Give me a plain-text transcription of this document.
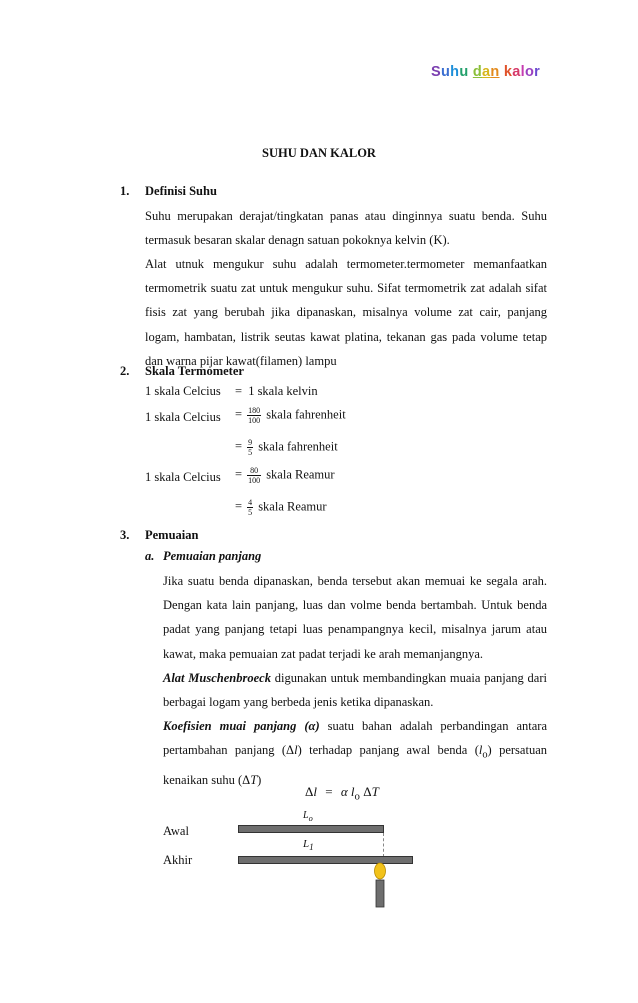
Suhu dan kalor
SUHU DAN KALOR
1. Definisi Suhu
Suhu merupakan derajat/tingkatan panas atau dinginnya suatu benda. Suhu termasuk besaran skalar denagn satuan pokoknya kelvin (K).
Alat utnuk mengukur suhu adalah termometer.termometer memanfaatkan termometrik suatu zat untuk mengukur suhu. Sifat termometrik zat adalah sifat fisis zat yang berubah jika dipanaskan, misalnya volume zat cair, panjang logam, hambatan, listrik seutas kawat platina, tekanan gas pada volume tetap dan warna pijar kawat(filamen) lampu
2. Skala Termometer
1 skala Celcius = 1 skala kelvin
1 skala Celcius = $\frac{180}{100}$ skala fahrenheit
= $\frac{9}{5}$ skala fahrenheit
1 skala Celcius = $\frac{80}{100}$ skala Reamur
= $\frac{4}{5}$ skala Reamur
3. Pemuaian
a. Pemuaian panjang
Jika suatu benda dipanaskan, benda tersebut akan memuai ke segala arah. Dengan kata lain panjang, luas dan volme benda bertambah. Untuk benda padat yang panjang tetapi luas penampangnya kecil, misalnya jarum atau kawat, maka pemuaian zat padat terjadi ke arah memanjangnya.
Alat Muschenbroeck digunakan untuk membandingkan muaia panjang dari berbagai logam yang berbeda jenis ketika dipanaskan.
Koefisien muai panjang (α) suatu bahan adalah perbandingan antara pertambahan panjang (Δl) terhadap panjang awal benda $(l_o)$ persatuan kenaikan suhu (ΔT)
Δl = α $l_o$ ΔT
$L_o$
Awal
$L_1$
Akhir
